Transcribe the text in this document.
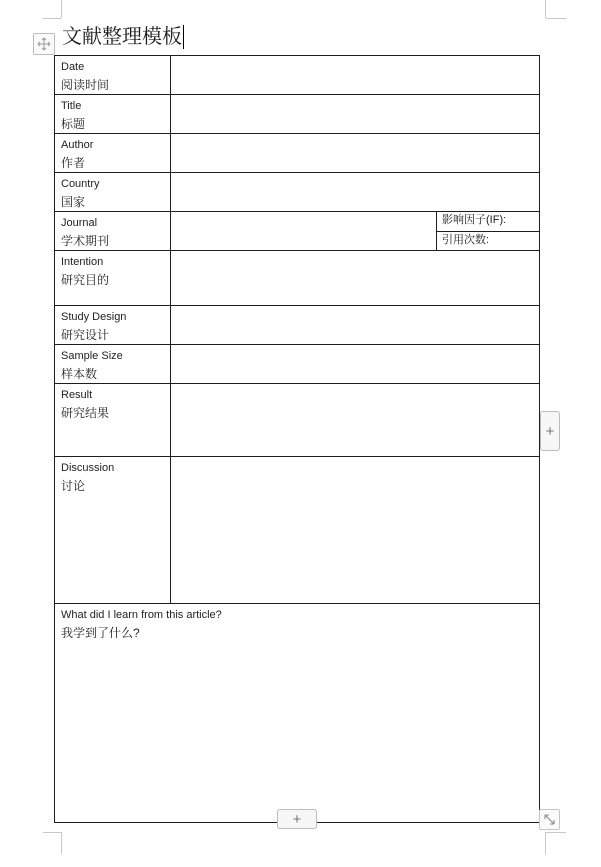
文献整理模板
Date
阅读时间		

Title
标题		

Author
作者		

Country
国家		

Journal
学术期刊		影响因子(IF):
		引用次数:

Intention
研究目的		

Study Design
研究设计		

Sample Size
样本数		

Result
研究结果		

Discussion
讨论		

What did I learn from this article?
我学到了什么?		
+
+
